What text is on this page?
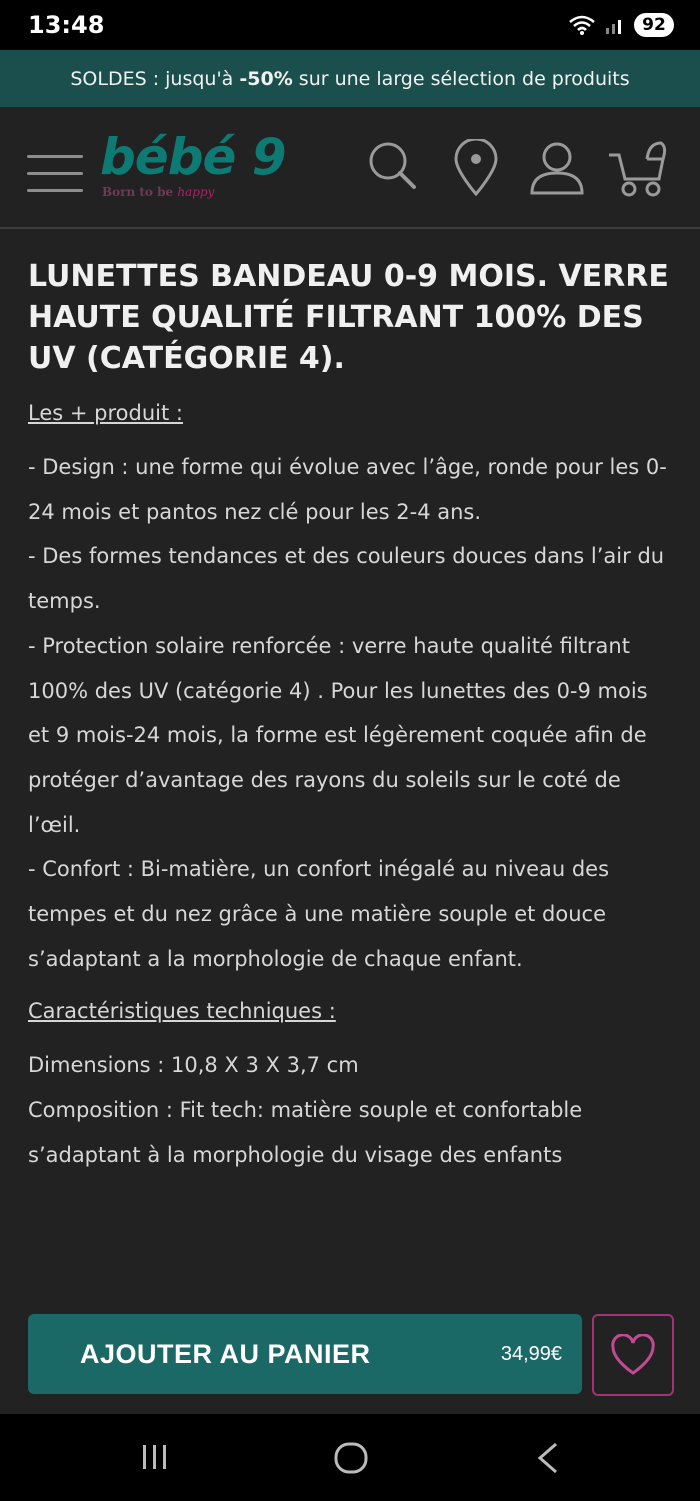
13:48	92
SOLDES : jusqu'à -50% sur une large sélection de produits
bébé 9
Born to be happy
LUNETTES BANDEAU 0-9 MOIS. VERRE HAUTE QUALITÉ FILTRANT 100% DES UV (CATÉGORIE 4).
Les + produit :
- Design : une forme qui évolue avec l’âge, ronde pour les 0-24 mois et pantos nez clé pour les 2-4 ans.
- Des formes tendances et des couleurs douces dans l’air du temps.
- Protection solaire renforcée : verre haute qualité filtrant 100% des UV (catégorie 4) . Pour les lunettes des 0-9 mois et 9 mois-24 mois, la forme est légèrement coquée afin de protéger d’avantage des rayons du soleils sur le coté de l’œil.
- Confort : Bi-matière, un confort inégalé au niveau des tempes et du nez grâce à une matière souple et douce s’adaptant a la morphologie de chaque enfant.
Caractéristiques techniques :
Dimensions : 10,8 X 3 X 3,7 cm
Composition : Fit tech: matière souple et confortable s’adaptant à la morphologie du visage des enfants
AJOUTER AU PANIER	34,99€
